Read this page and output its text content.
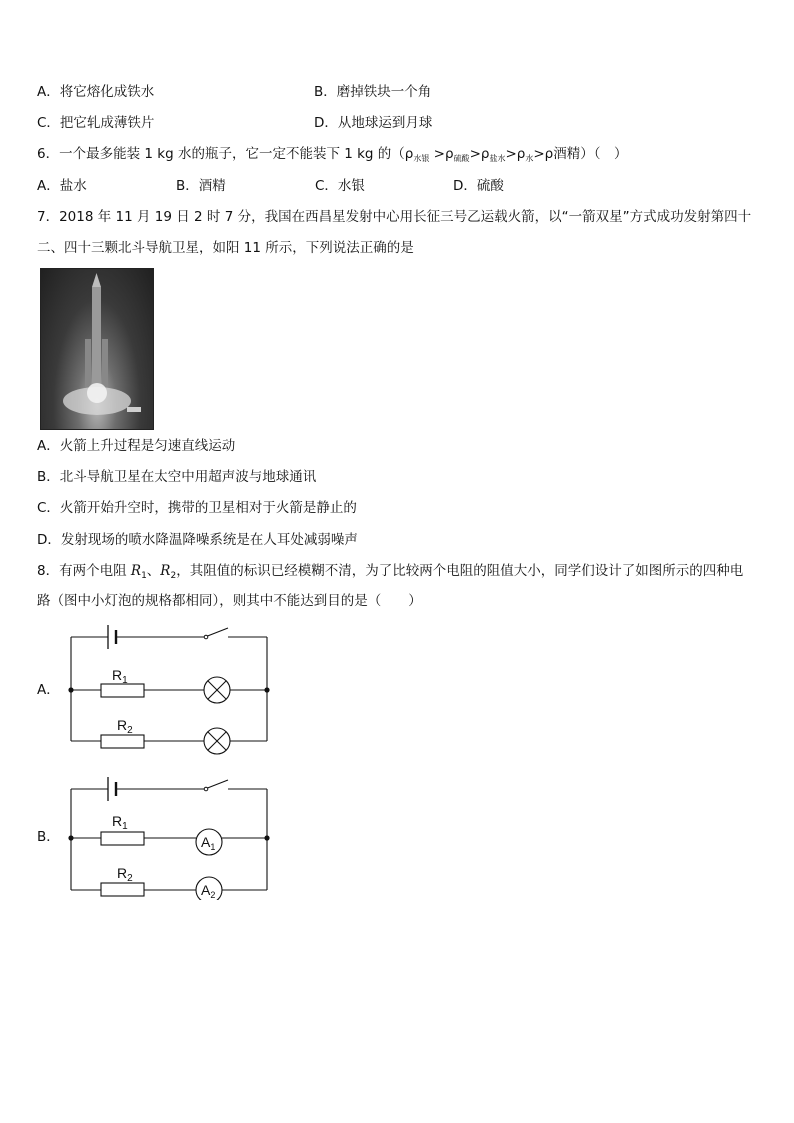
A．将它熔化成铁水	B．磨掉铁块一个角
C．把它轧成薄铁片	D．从地球运到月球
6．一个最多能装 1 kg 水的瓶子，它一定不能装下 1 kg 的（$\rho_{水银} >\rho_{硫酸}>\rho_{盐水}>\rho_水>\rho$酒精）（　）
A．盐水	B．酒精	C．水银	D．硫酸
7．2018 年 11 月 19 日 2 时 7 分，我国在西昌星发射中心用长征三号乙运载火箭，以“一箭双星”方式成功发射第四十
二、四十三颗北斗导航卫星，如阳 11 所示，下列说法正确的是
A．火箭上升过程是匀速直线运动
B．北斗导航卫星在太空中用超声波与地球通讯
C．火箭开始升空时，携带的卫星相对于火箭是静止的
D．发射现场的喷水降温降噪系统是在人耳处减弱噪声
8．有两个电阻 $R_1$、$R_2$，其阻值的标识已经模糊不清，为了比较两个电阻的阻值大小，同学们设计了如图所示的四种电
路（图中小灯泡的规格都相同），则其中不能达到目的是（　　）
A．
$R_1$
$R_2$
B．	$A_1$
$R_1$
$A_2$
$R_2$
